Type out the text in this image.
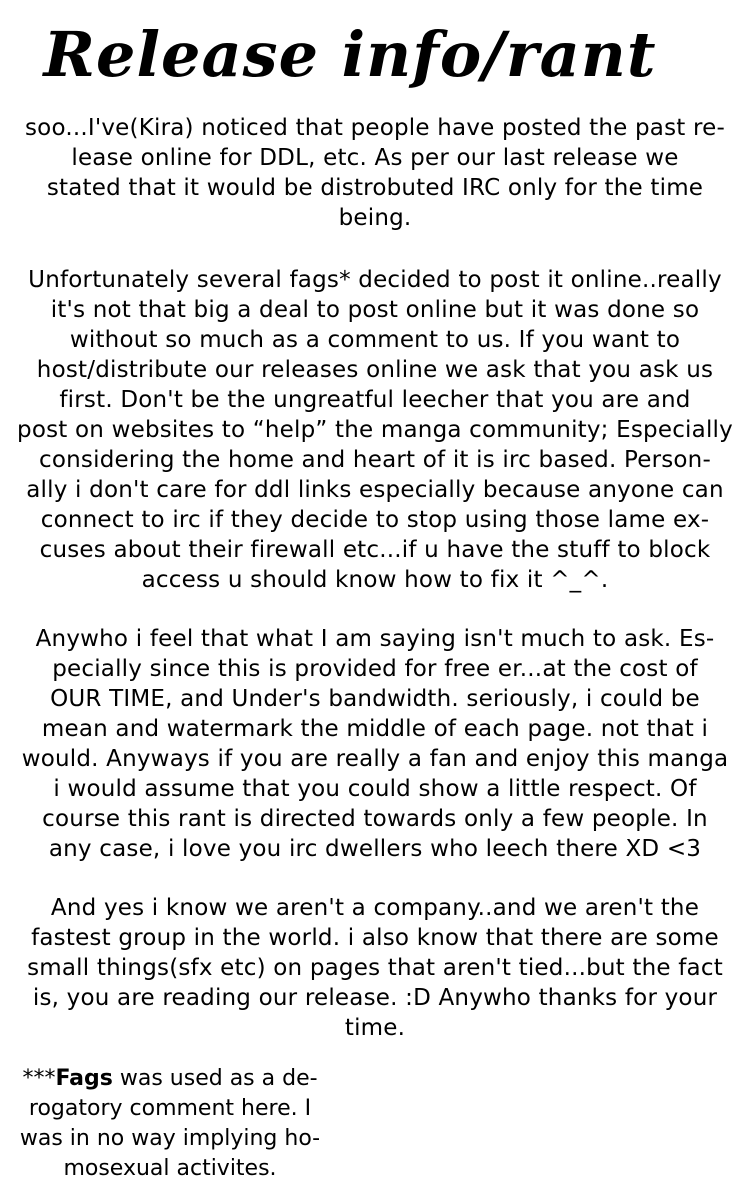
Release info/rant

soo...I've(Kira) noticed that people have posted the past re-
lease online for DDL, etc. As per our last release we
stated that it would be distrobuted IRC only for the time
being.

Unfortunately several fags* decided to post it online..really
it's not that big a deal to post online but it was done so
without so much as a comment to us. If you want to
host/distribute our releases online we ask that you ask us
first. Don't be the ungreatful leecher that you are and
post on websites to “help” the manga community; Especially
considering the home and heart of it is irc based. Person-
ally i don't care for ddl links especially because anyone can
connect to irc if they decide to stop using those lame ex-
cuses about their firewall etc...if u have the stuff to block
access u should know how to fix it ^_^.

Anywho i feel that what I am saying isn't much to ask. Es-
pecially since this is provided for free er...at the cost of
OUR TIME, and Under's bandwidth. seriously, i could be
mean and watermark the middle of each page. not that i
would. Anyways if you are really a fan and enjoy this manga
i would assume that you could show a little respect. Of
course this rant is directed towards only a few people. In
any case, i love you irc dwellers who leech there XD <3

And yes i know we aren't a company..and we aren't the
fastest group in the world. i also know that there are some
small things(sfx etc) on pages that aren't tied...but the fact
is, you are reading our release. :D Anywho thanks for your
time.

***Fags was used as a de-
rogatory comment here. I
was in no way implying ho-
mosexual activites.
